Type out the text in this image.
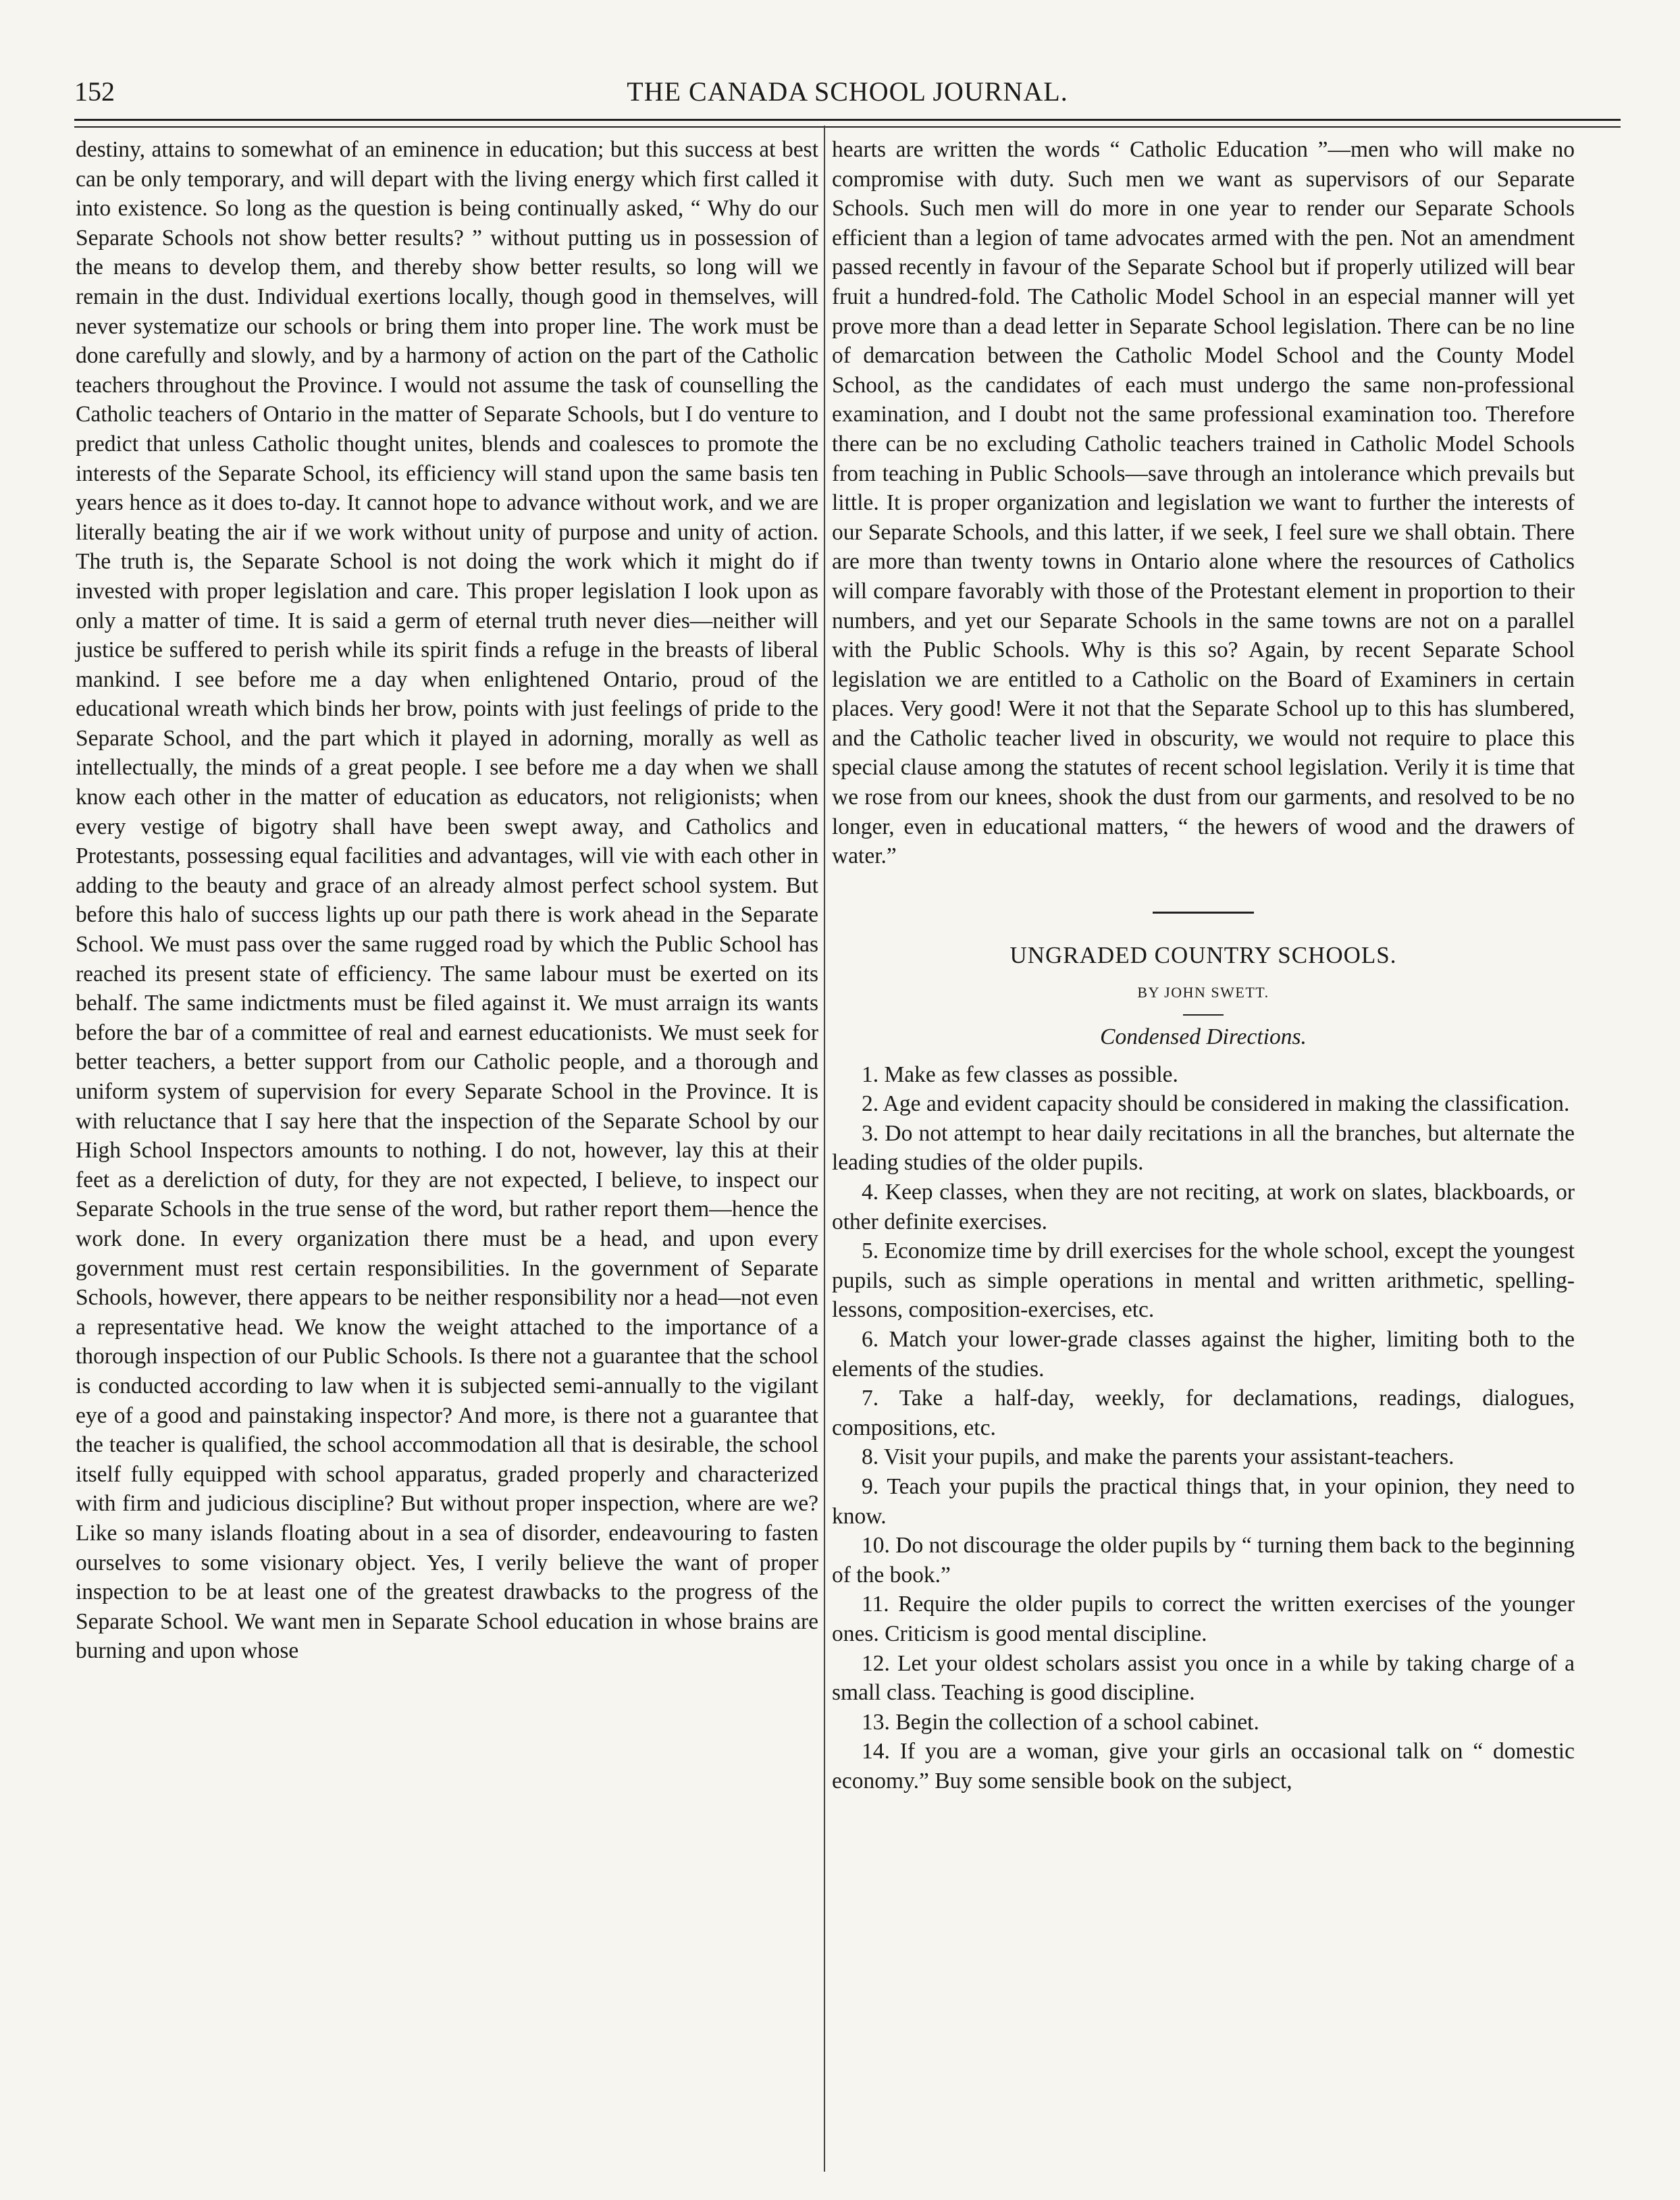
152	THE CANADA SCHOOL JOURNAL.

destiny, attains to somewhat of an eminence in education; but this success at best can be only temporary, and will depart with the living energy which first called it into existence. So long as the question is being continually asked, “ Why do our Separate Schools not show better results? ” without putting us in possession of the means to develop them, and thereby show better results, so long will we remain in the dust. Individual exertions locally, though good in themselves, will never systematize our schools or bring them into proper line. The work must be done carefully and slowly, and by a harmony of action on the part of the Catholic teachers throughout the Province. I would not assume the task of counselling the Catholic teachers of Ontario in the matter of Separate Schools, but I do venture to predict that unless Catholic thought unites, blends and coalesces to promote the interests of the Separate School, its efficiency will stand upon the same basis ten years hence as it does to-day. It cannot hope to advance without work, and we are literally beating the air if we work without unity of purpose and unity of action. The truth is, the Separate School is not doing the work which it might do if invested with proper legislation and care. This proper legislation I look upon as only a matter of time. It is said a germ of eternal truth never dies—neither will justice be suffered to perish while its spirit finds a refuge in the breasts of liberal mankind. I see before me a day when enlightened Ontario, proud of the educational wreath which binds her brow, points with just feelings of pride to the Separate School, and the part which it played in adorning, morally as well as intellectually, the minds of a great people. I see before me a day when we shall know each other in the matter of education as educators, not religionists; when every vestige of bigotry shall have been swept away, and Catholics and Protestants, possessing equal facilities and advantages, will vie with each other in adding to the beauty and grace of an already almost perfect school system. But before this halo of success lights up our path there is work ahead in the Separate School. We must pass over the same rugged road by which the Public School has reached its present state of efficiency. The same labour must be exerted on its behalf. The same indictments must be filed against it. We must arraign its wants before the bar of a committee of real and earnest educationists. We must seek for better teachers, a better support from our Catholic people, and a thorough and uniform system of supervision for every Separate School in the Province. It is with reluctance that I say here that the inspection of the Separate School by our High School Inspectors amounts to nothing. I do not, however, lay this at their feet as a dereliction of duty, for they are not expected, I believe, to inspect our Separate Schools in the true sense of the word, but rather report them—hence the work done. In every organization there must be a head, and upon every government must rest certain responsibilities. In the government of Separate Schools, however, there appears to be neither responsibility nor a head—not even a representative head. We know the weight attached to the importance of a thorough inspection of our Public Schools. Is there not a guarantee that the school is conducted according to law when it is subjected semi-annually to the vigilant eye of a good and painstaking inspector? And more, is there not a guarantee that the teacher is qualified, the school accommodation all that is desirable, the school itself fully equipped with school apparatus, graded properly and characterized with firm and judicious discipline? But without proper inspection, where are we? Like so many islands floating about in a sea of disorder, endeavouring to fasten ourselves to some visionary object. Yes, I verily believe the want of proper inspection to be at least one of the greatest drawbacks to the progress of the Separate School. We want men in Separate School education in whose brains are burning and upon whose

hearts are written the words “ Catholic Education ”—men who will make no compromise with duty. Such men we want as supervisors of our Separate Schools. Such men will do more in one year to render our Separate Schools efficient than a legion of tame advocates armed with the pen. Not an amendment passed recently in favour of the Separate School but if properly utilized will bear fruit a hundred-fold. The Catholic Model School in an especial manner will yet prove more than a dead letter in Separate School legislation. There can be no line of demarcation between the Catholic Model School and the County Model School, as the candidates of each must undergo the same non-professional examination, and I doubt not the same professional examination too. Therefore there can be no excluding Catholic teachers trained in Catholic Model Schools from teaching in Public Schools—save through an intolerance which prevails but little. It is proper organization and legislation we want to further the interests of our Separate Schools, and this latter, if we seek, I feel sure we shall obtain. There are more than twenty towns in Ontario alone where the resources of Catholics will compare favorably with those of the Protestant element in proportion to their numbers, and yet our Separate Schools in the same towns are not on a parallel with the Public Schools. Why is this so? Again, by recent Separate School legislation we are entitled to a Catholic on the Board of Examiners in certain places. Very good! Were it not that the Separate School up to this has slumbered, and the Catholic teacher lived in obscurity, we would not require to place this special clause among the statutes of recent school legislation. Verily it is time that we rose from our knees, shook the dust from our garments, and resolved to be no longer, even in educational matters, “ the hewers of wood and the drawers of water.”

UNGRADED COUNTRY SCHOOLS.
BY JOHN SWETT.
Condensed Directions.

1. Make as few classes as possible.

2. Age and evident capacity should be considered in making the classification.

3. Do not attempt to hear daily recitations in all the branches, but alternate the leading studies of the older pupils.

4. Keep classes, when they are not reciting, at work on slates, blackboards, or other definite exercises.

5. Economize time by drill exercises for the whole school, except the youngest pupils, such as simple operations in mental and written arithmetic, spelling-lessons, composition-exercises, etc.

6. Match your lower-grade classes against the higher, limiting both to the elements of the studies.

7. Take a half-day, weekly, for declamations, readings, dialogues, compositions, etc.

8. Visit your pupils, and make the parents your assistant-teachers.

9. Teach your pupils the practical things that, in your opinion, they need to know.

10. Do not discourage the older pupils by “ turning them back to the beginning of the book.”

11. Require the older pupils to correct the written exercises of the younger ones. Criticism is good mental discipline.

12. Let your oldest scholars assist you once in a while by taking charge of a small class. Teaching is good discipline.

13. Begin the collection of a school cabinet.

14. If you are a woman, give your girls an occasional talk on “ domestic economy.” Buy some sensible book on the subject,
